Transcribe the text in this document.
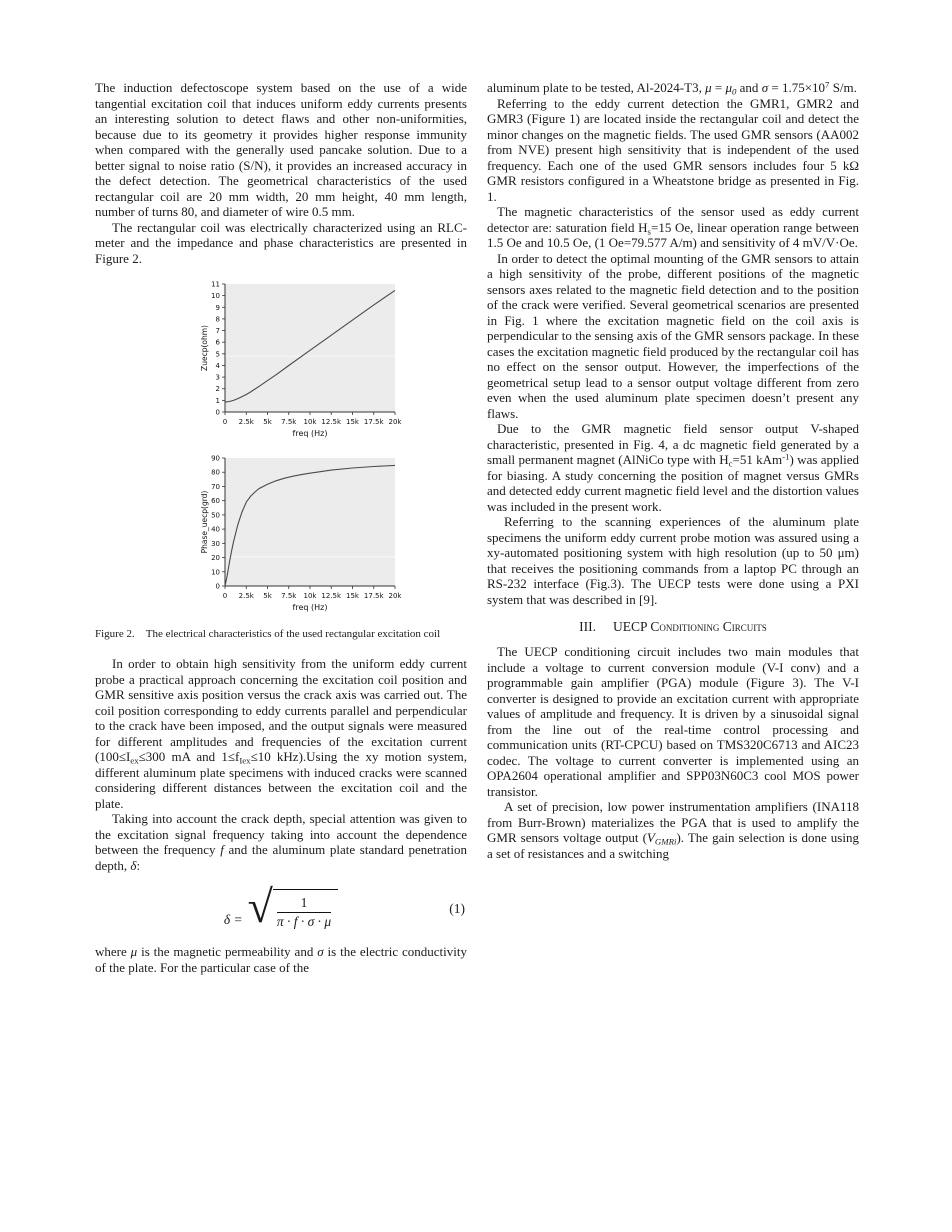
The induction defectoscope system based on the use of a wide tangential excitation coil that induces uniform eddy currents presents an interesting solution to detect flaws and other non-uniformities, because due to its geometry it provides higher response immunity when compared with the generally used pancake solution. Due to a better signal to noise ratio (S/N), it provides an increased accuracy in the defect detection. The geometrical characteristics of the used rectangular coil are 20 mm width, 20 mm height, 40 mm length, number of turns 80, and diameter of wire 0.5 mm.

The rectangular coil was electrically characterized using an RLC-meter and the impedance and phase characteristics are presented in Figure 2.

0
1
2
3
4
5
6
7
8
9
10
11
0 2.5k 5k 7.5k 10k 12.5k 15k 17.5k 20k
Zuecp(ohm)
freq (Hz)
0
10
20
30
40
50
60
70
80
90
0 2.5k 5k 7.5k 10k 12.5k 15k 17.5k 20k
Phase_uecp(grd)
freq (Hz)

Figure 2. The electrical characteristics of the used rectangular excitation coil

In order to obtain high sensitivity from the uniform eddy current probe a practical approach concerning the excitation coil position and GMR sensitive axis position versus the crack axis was carried out. The coil position corresponding to eddy currents parallel and perpendicular to the crack have been imposed, and the output signals were measured for different amplitudes and frequencies of the excitation current ($100\le I_{ex}\le 300$ mA and $1\le f_{Iex}\le 10$ kHz).Using the xy motion system, different aluminum plate specimens with induced cracks were scanned considering different distances between the excitation coil and the plate.

Taking into account the crack depth, special attention was given to the excitation signal frequency taking into account the dependence between the frequency f and the aluminum plate standard penetration depth, δ:

δ = √ $\frac{1}{\pi \cdot f \cdot \sigma \cdot \mu}$	(1)

where μ is the magnetic permeability and σ is the electric conductivity of the plate. For the particular case of the

aluminum plate to be tested, Al-2024-T3, $\mu = \mu_0$ and $\sigma = 1.75\times 10^7$ S/m.

Referring to the eddy current detection the GMR1, GMR2 and GMR3 (Figure 1) are located inside the rectangular coil and detect the minor changes on the magnetic fields. The used GMR sensors (AA002 from NVE) present high sensitivity that is independent of the used frequency. Each one of the used GMR sensors includes four 5 kΩ GMR resistors configured in a Wheatstone bridge as presented in Fig. 1.

The magnetic characteristics of the sensor used as eddy current detector are: saturation field $H_s=15$ Oe, linear operation range between 1.5 Oe and 10.5 Oe, (1 Oe=79.577 A/m) and sensitivity of 4 mV/V·Oe.

In order to detect the optimal mounting of the GMR sensors to attain a high sensitivity of the probe, different positions of the magnetic sensors axes related to the magnetic field detection and to the position of the crack were verified. Several geometrical scenarios are presented in Fig. 1 where the excitation magnetic field on the coil axis is perpendicular to the sensing axis of the GMR sensors package. In these cases the excitation magnetic field produced by the rectangular coil has no effect on the sensor output. However, the imperfections of the geometrical setup lead to a sensor output voltage different from zero even when the used aluminum plate specimen doesn’t present any flaws.

Due to the GMR magnetic field sensor output V-shaped characteristic, presented in Fig. 4, a dc magnetic field generated by a small permanent magnet (AlNiCo type with $H_c=51$ kAm$^{-1}$) was applied for biasing. A study concerning the position of magnet versus GMRs and detected eddy current magnetic field level and the distortion values was included in the present work.

Referring to the scanning experiences of the aluminum plate specimens the uniform eddy current probe motion was assured using a xy-automated positioning system with high resolution (up to 50 μm) that receives the positioning commands from a laptop PC through an RS-232 interface (Fig.3). The UECP tests were done using a PXI system that was described in [9].

III. UECP Conditioning Circuits

The UECP conditioning circuit includes two main modules that include a voltage to current conversion module (V-I conv) and a programmable gain amplifier (PGA) module (Figure 3). The V-I converter is designed to provide an excitation current with appropriate values of amplitude and frequency. It is driven by a sinusoidal signal from the line out of the real-time control processing and communication units (RT-CPCU) based on TMS320C6713 and AIC23 codec. The voltage to current converter is implemented using an OPA2604 operational amplifier and SPP03N60C3 cool MOS power transistor.

A set of precision, low power instrumentation amplifiers (INA118 from Burr-Brown) materializes the PGA that is used to amplify the GMR sensors voltage output $(V_{GMRi})$. The gain selection is done using a set of resistances and a switching
